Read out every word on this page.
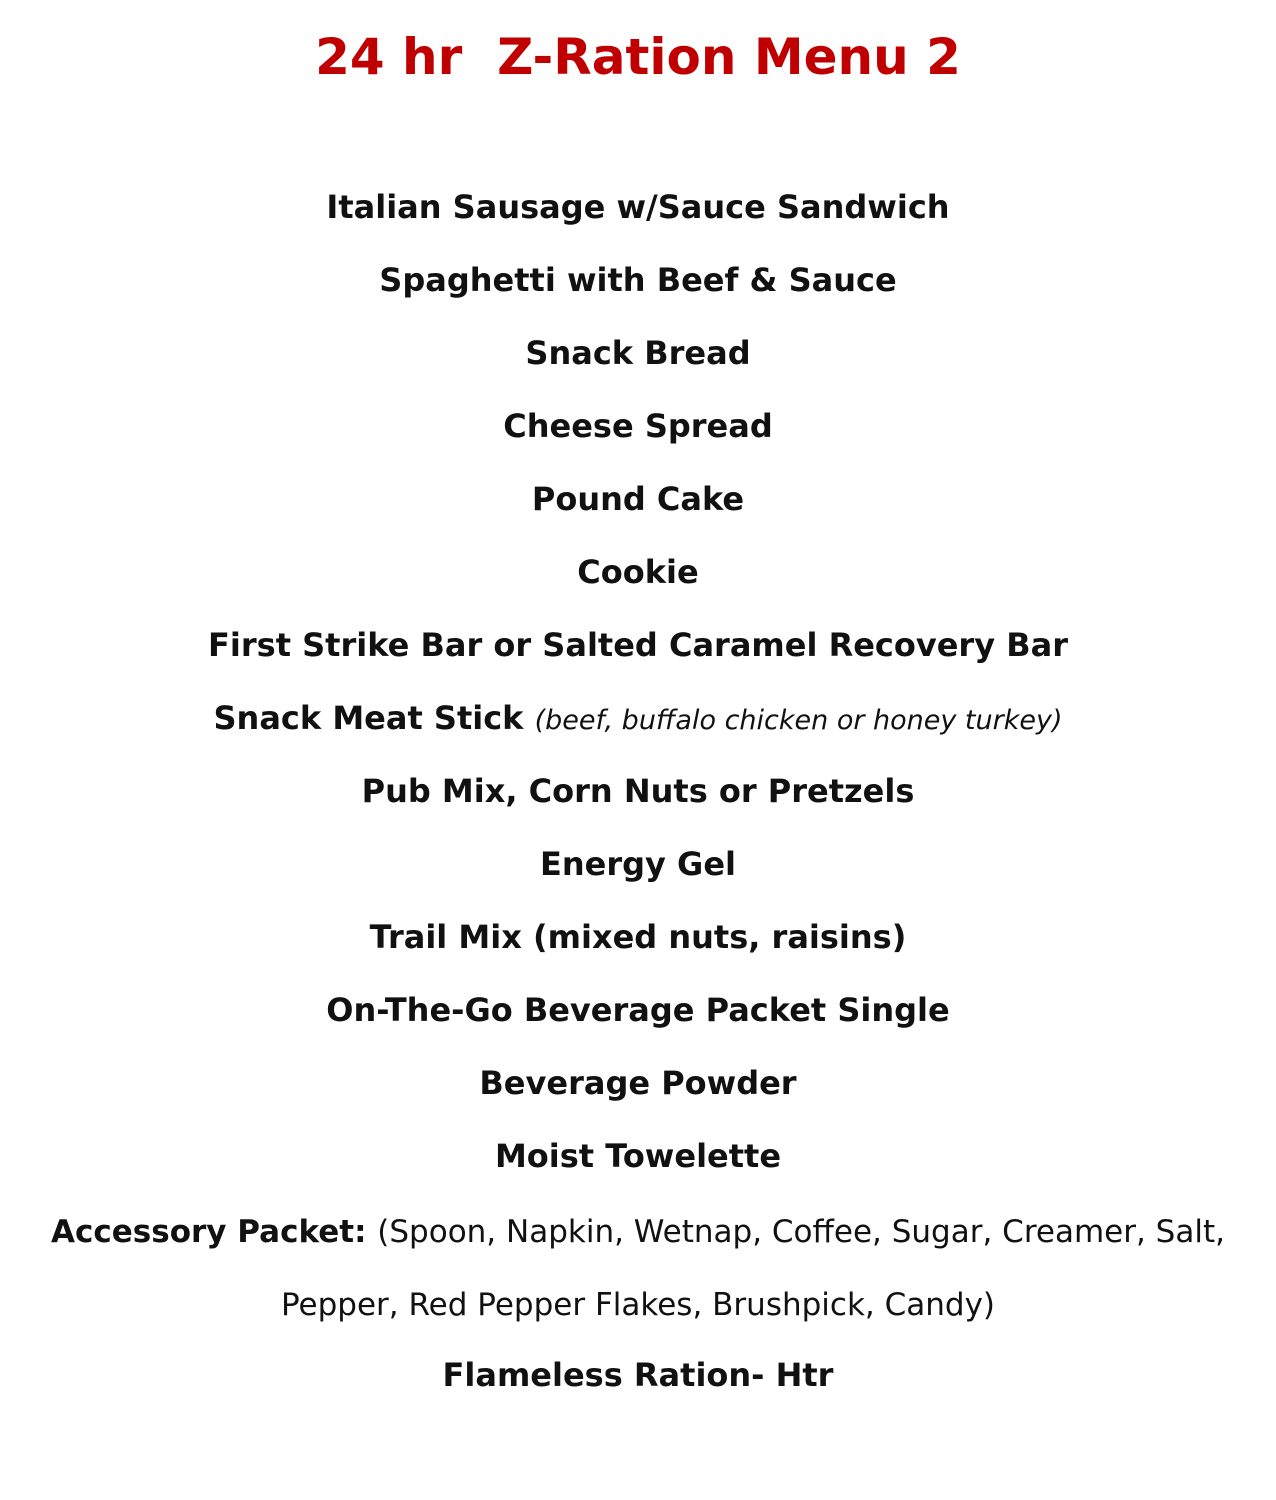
24 hr  Z-Ration Menu 2
Italian Sausage w/Sauce Sandwich
Spaghetti with Beef & Sauce
Snack Bread
Cheese Spread
Pound Cake
Cookie
First Strike Bar or Salted Caramel Recovery Bar
Snack Meat Stick (beef, buffalo chicken or honey turkey)
Pub Mix, Corn Nuts or Pretzels
Energy Gel
Trail Mix (mixed nuts, raisins)
On-The-Go Beverage Packet Single
Beverage Powder
Moist Towelette
Accessory Packet: (Spoon, Napkin, Wetnap, Coffee, Sugar, Creamer, Salt, Pepper, Red Pepper Flakes, Brushpick, Candy)
Flameless Ration- Htr
